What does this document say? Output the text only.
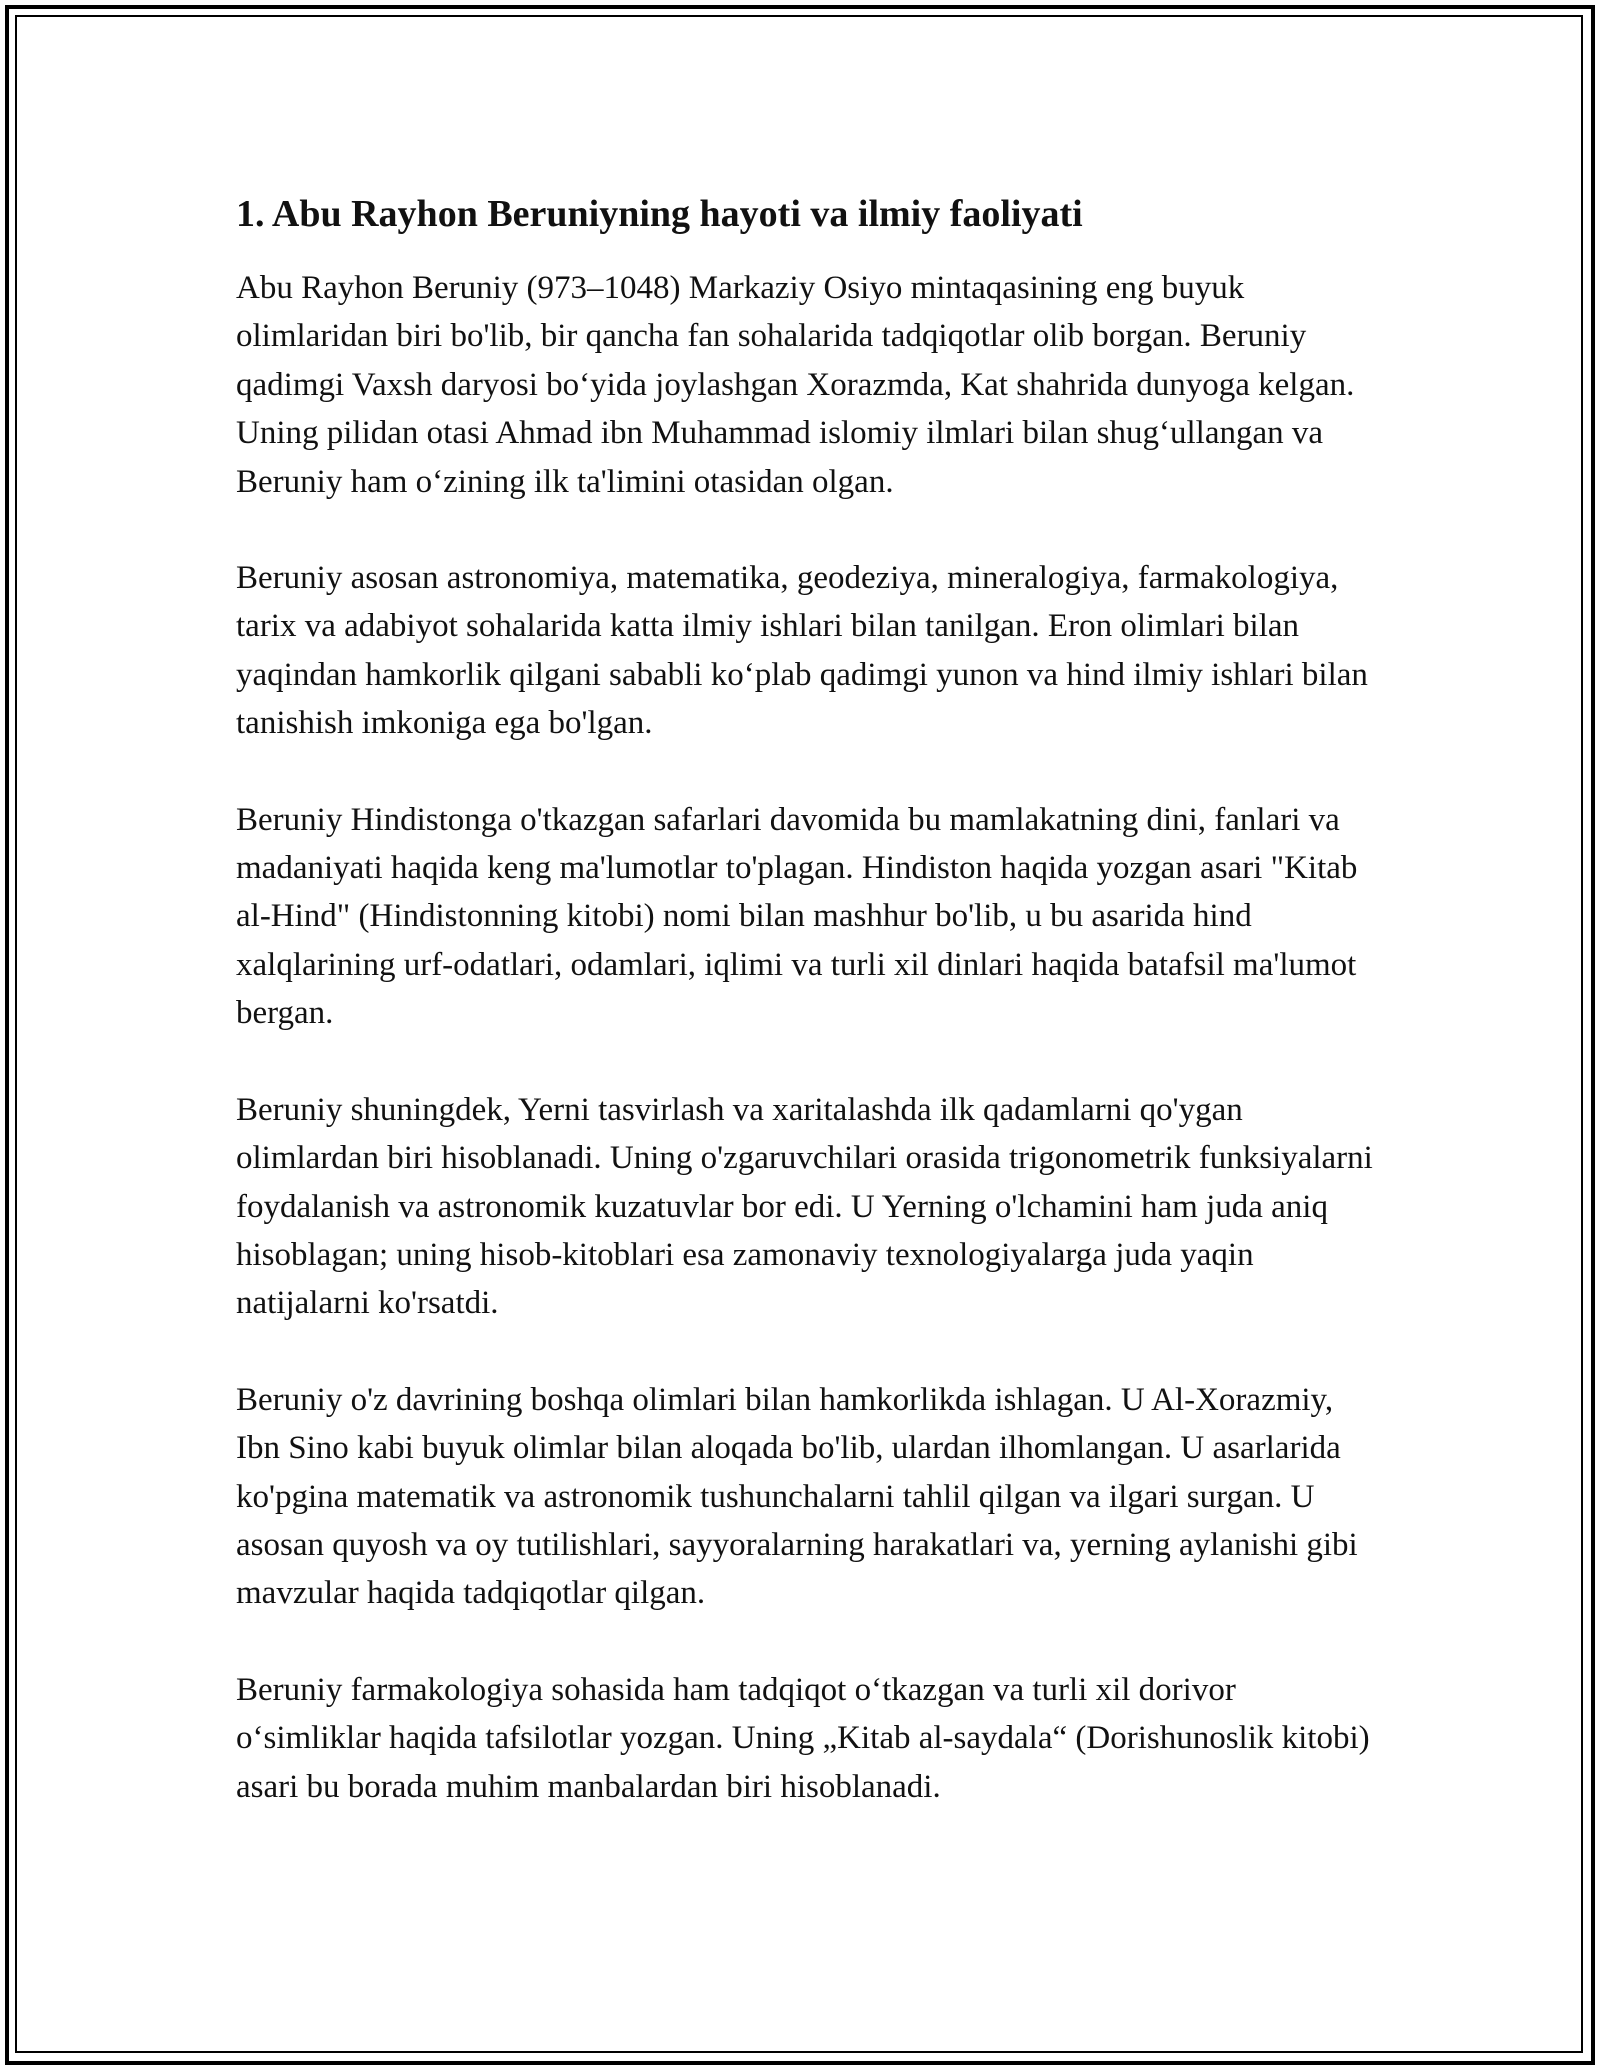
1. Abu Rayhon Beruniyning hayoti va ilmiy faoliyati

Abu Rayhon Beruniy (973–1048) Markaziy Osiyo mintaqasining eng buyuk olimlaridan biri bo'lib, bir qancha fan sohalarida tadqiqotlar olib borgan. Beruniy qadimgi Vaxsh daryosi bo‘yida joylashgan Xorazmda, Kat shahrida dunyoga kelgan. Uning pilidan otasi Ahmad ibn Muhammad islomiy ilmlari bilan shug‘ullangan va Beruniy ham o‘zining ilk ta'limini otasidan olgan.

Beruniy asosan astronomiya, matematika, geodeziya, mineralogiya, farmakologiya, tarix va adabiyot sohalarida katta ilmiy ishlari bilan tanilgan. Eron olimlari bilan yaqindan hamkorlik qilgani sababli ko‘plab qadimgi yunon va hind ilmiy ishlari bilan tanishish imkoniga ega bo'lgan.

Beruniy Hindistonga o'tkazgan safarlari davomida bu mamlakatning dini, fanlari va madaniyati haqida keng ma'lumotlar to'plagan. Hindiston haqida yozgan asari "Kitab al-Hind" (Hindistonning kitobi) nomi bilan mashhur bo'lib, u bu asarida hind xalqlarining urf-odatlari, odamlari, iqlimi va turli xil dinlari haqida batafsil ma'lumot bergan.

Beruniy shuningdek, Yerni tasvirlash va xaritalashda ilk qadamlarni qo'ygan olimlardan biri hisoblanadi. Uning o'zgaruvchilari orasida trigonometrik funksiyalarni foydalanish va astronomik kuzatuvlar bor edi. U Yerning o'lchamini ham juda aniq hisoblagan; uning hisob-kitoblari esa zamonaviy texnologiyalarga juda yaqin natijalarni ko'rsatdi.

Beruniy o'z davrining boshqa olimlari bilan hamkorlikda ishlagan. U Al-Xorazmiy, Ibn Sino kabi buyuk olimlar bilan aloqada bo'lib, ulardan ilhomlangan. U asarlarida ko'pgina matematik va astronomik tushunchalarni tahlil qilgan va ilgari surgan. U asosan quyosh va oy tutilishlari, sayyoralarning harakatlari va, yerning aylanishi gibi mavzular haqida tadqiqotlar qilgan.

Beruniy farmakologiya sohasida ham tadqiqot o‘tkazgan va turli xil dorivor o‘simliklar haqida tafsilotlar yozgan. Uning „Kitab al-saydala“ (Dorishunoslik kitobi) asari bu borada muhim manbalardan biri hisoblanadi.
